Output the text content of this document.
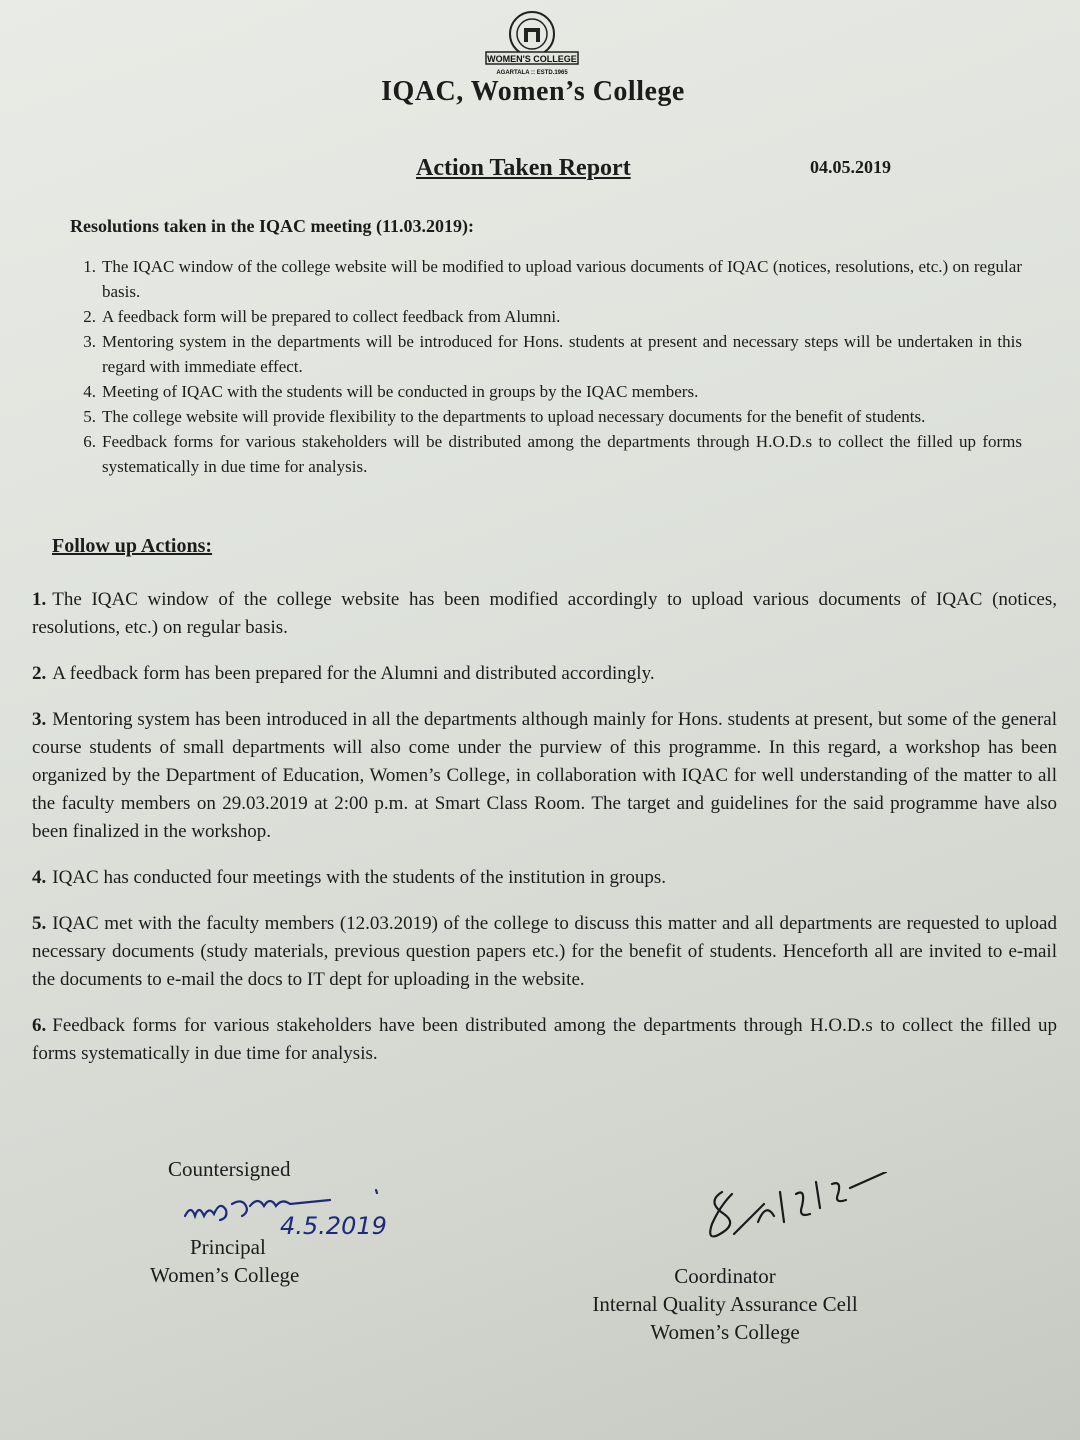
WOMEN'S COLLEGE
AGARTALA :: ESTD.1965
IQAC, Women’s College
Action Taken Report	04.05.2019
Resolutions taken in the IQAC meeting (11.03.2019):
1. The IQAC window of the college website will be modified to upload various documents of IQAC (notices, resolutions, etc.) on regular basis.
2. A feedback form will be prepared to collect feedback from Alumni.
3. Mentoring system in the departments will be introduced for Hons. students at present and necessary steps will be undertaken in this regard with immediate effect.
4. Meeting of IQAC with the students will be conducted in groups by the IQAC members.
5. The college website will provide flexibility to the departments to upload necessary documents for the benefit of students.
6. Feedback forms for various stakeholders will be distributed among the departments through H.O.D.s to collect the filled up forms systematically in due time for analysis.
Follow up Actions:
1. The IQAC window of the college website has been modified accordingly to upload various documents of IQAC (notices, resolutions, etc.) on regular basis.
2. A feedback form has been prepared for the Alumni and distributed accordingly.
3. Mentoring system has been introduced in all the departments although mainly for Hons. students at present, but some of the general course students of small departments will also come under the purview of this programme. In this regard, a workshop has been organized by the Department of Education, Women’s College, in collaboration with IQAC for well understanding of the matter to all the faculty members on 29.03.2019 at 2:00 p.m. at Smart Class Room. The target and guidelines for the said programme have also been finalized in the workshop.
4. IQAC has conducted four meetings with the students of the institution in groups.
5. IQAC met with the faculty members (12.03.2019) of the college to discuss this matter and all departments are requested to upload necessary documents (study materials, previous question papers etc.) for the benefit of students. Henceforth all are invited to e-mail the documents to e-mail the docs to IT dept for uploading in the website.
6. Feedback forms for various stakeholders have been distributed among the departments through H.O.D.s to collect the filled up forms systematically in due time for analysis.
Countersigned
Principal
Women’s College
4.5.2019
Coordinator
Internal Quality Assurance Cell
Women’s College
